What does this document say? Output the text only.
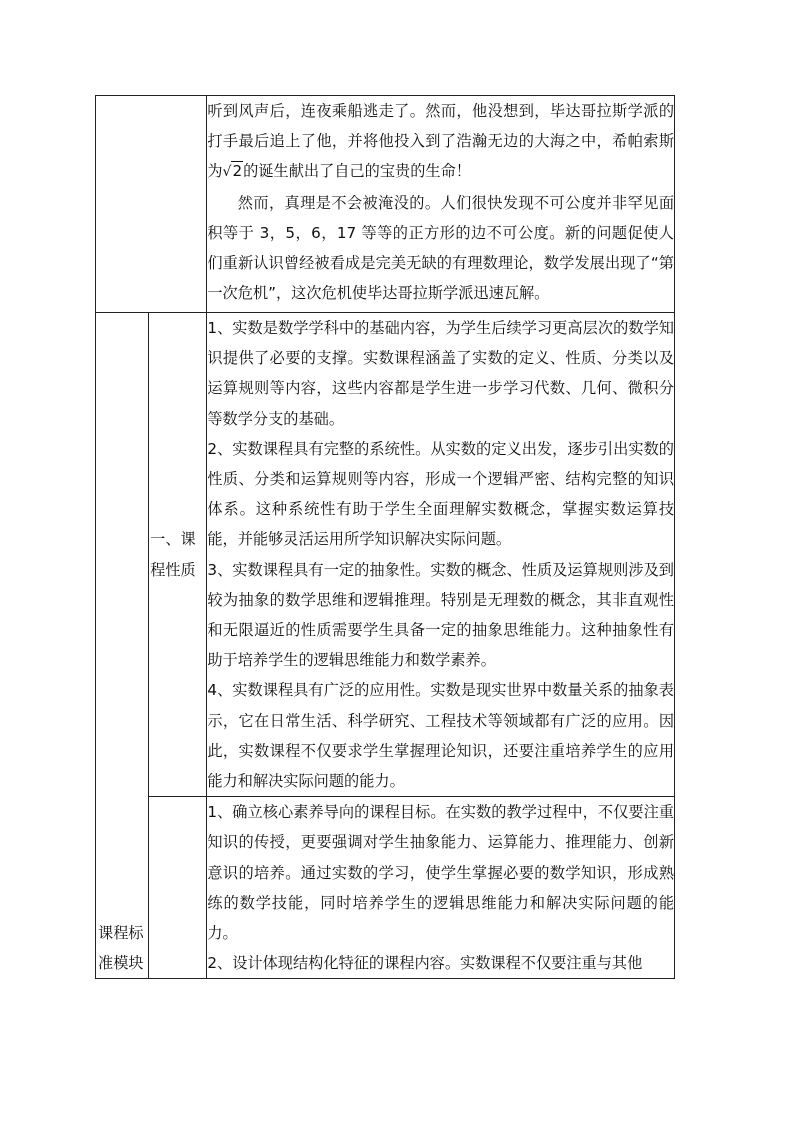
		听到风声后，连夜乘船逃走了。然而，他没想到，毕达哥拉斯学派的打手最后追上了他，并将他投入到了浩瀚无边的大海之中，希帕索斯为√2的诞生献出了自己的宝贵的生命！

然而，真理是不会被淹没的。人们很快发现不可公度并非罕见面积等于 3，5，6，17 等等的正方形的边不可公度。新的问题促使人们重新认识曾经被看成是完美无缺的有理数理论，数学发展出现了“第一次危机”，这次危机使毕达哥拉斯学派迅速瓦解。

课程标准模块	一、课程性质	1、实数是数学学科中的基础内容，为学生后续学习更高层次的数学知识提供了必要的支撑。实数课程涵盖了实数的定义、性质、分类以及运算规则等内容，这些内容都是学生进一步学习代数、几何、微积分等数学分支的基础。

2、实数课程具有完整的系统性。从实数的定义出发，逐步引出实数的性质、分类和运算规则等内容，形成一个逻辑严密、结构完整的知识体系。这种系统性有助于学生全面理解实数概念，掌握实数运算技能，并能够灵活运用所学知识解决实际问题。

3、实数课程具有一定的抽象性。实数的概念、性质及运算规则涉及到较为抽象的数学思维和逻辑推理。特别是无理数的概念，其非直观性和无限逼近的性质需要学生具备一定的抽象思维能力。这种抽象性有助于培养学生的逻辑思维能力和数学素养。

4、实数课程具有广泛的应用性。实数是现实世界中数量关系的抽象表示，它在日常生活、科学研究、工程技术等领域都有广泛的应用。因此，实数课程不仅要求学生掌握理论知识，还要注重培养学生的应用能力和解决实际问题的能力。

		1、确立核心素养导向的课程目标。在实数的教学过程中，不仅要注重知识的传授，更要强调对学生抽象能力、运算能力、推理能力、创新意识的培养。通过实数的学习，使学生掌握必要的数学知识，形成熟练的数学技能，同时培养学生的逻辑思维能力和解决实际问题的能力。

2、设计体现结构化特征的课程内容。实数课程不仅要注重与其他
